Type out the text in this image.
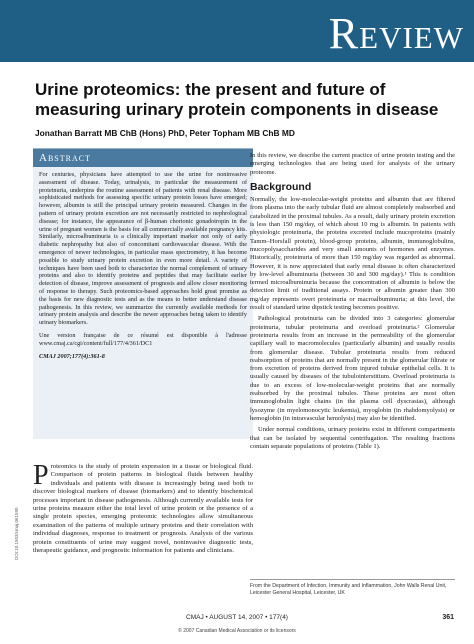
Review
Urine proteomics: the present and future of measuring urinary protein components in disease
Jonathan Barratt MB ChB (Hons) PhD, Peter Topham MB ChB MD
Abstract

For centuries, physicians have attempted to use the urine for noninvasive assessment of disease. Today, urinalysis, in particular the measurement of proteinuria, underpins the routine assessment of patients with renal disease. More sophisticated methods for assessing specific urinary protein losses have emerged; however, albumin is still the principal urinary protein measured. Changes in the pattern of urinary protein excretion are not necessarily restricted to nephrological disease; for instance, the appearance of β-human chorionic gonadotropin in the urine of pregnant women is the basis for all commercially available pregnancy kits. Similarly, microalbuminuria is a clinically important marker not only of early diabetic nephropathy but also of concomitant cardiovascular disease. With the emergence of newer technologies, in particular mass spectrometry, it has become possible to study urinary protein excretion in even more detail. A variety of techniques have been used both to characterize the normal complement of urinary proteins and also to identify proteins and peptides that may facilitate earlier detection of disease, improve assessment of prognosis and allow closer monitoring of response to therapy. Such proteomics-based approaches hold great promise as the basis for new diagnostic tests and as the means to better understand disease pathogenesis. In this review, we summarize the currently available methods for urinary protein analysis and describe the newer approaches being taken to identify urinary biomarkers.

Une version française de ce résumé est disponible à l'adresse www.cmaj.ca/cgi/content/full/177/4/361/DC1

CMAJ 2007;177(4):361-8

Proteomics is the study of protein expression in a tissue or biological fluid. Comparison of protein patterns in biological fluids between healthy individuals and patients with disease is increasingly being used both to discover biological markers of disease (biomarkers) and to identify biochemical processes important in disease pathogenesis. Although currently available tests for urine proteins measure either the total level of urine protein or the presence of a single protein species, emerging proteomic technologies allow simultaneous examination of the patterns of multiple urinary proteins and their correlation with individual diagnoses, response to treatment or prognosis. Analysis of the various protein constituents of urine may suggest novel, noninvasive diagnostic tests, therapeutic guidance, and prognostic information for patients and clinicians.
DOI:10.1503/cmaj.061590

In this review, we describe the current practice of urine protein testing and the emerging technologies that are being used for analysis of the urinary proteome.

Background

Normally, the low-molecular-weight proteins and albumin that are filtered from plasma into the early tubular fluid are almost completely reabsorbed and catabolized in the proximal tubules. As a result, daily urinary protein excretion is less than 150 mg/day, of which about 10 mg is albumin. In patients with physiologic proteinuria, the proteins excreted include mucoproteins (mainly Tamm–Horsfall protein), blood-group proteins, albumin, immunoglobulins, mucopolysaccharides and very small amounts of hormones and enzymes. Historically, proteinuria of more than 150 mg/day was regarded as abnormal. However, it is now appreciated that early renal disease is often characterized by low-level albuminuria (between 30 and 300 mg/day).¹ This is condition termed microalbuminuria because the concentration of albumin is below the detection limit of traditional assays. Protein or albumin greater than 300 mg/day represents overt proteinuria or macroalbuminuria; at this level, the result of standard urine dipstick testing becomes positive.

Pathological proteinuria can be divided into 3 categories: glomerular proteinuria, tubular proteinuria and overload proteinuria.² Glomerular proteinuria results from an increase in the permeability of the glomerular capillary wall to macromolecules (particularly albumin) and usually results from glomerular disease. Tubular proteinuria results from reduced reabsorption of proteins that are normally present in the glomerular filtrate or from excretion of proteins derived from injured tubular epithelial cells. It is usually caused by diseases of the tubulointerstitium. Overload proteinuria is due to an excess of low-molecular-weight proteins that are normally reabsorbed by the proximal tubules. These proteins are most often immunoglobulin light chains (in the plasma cell dyscrasias), although lysozyme (in myelomonocytic leukemia), myoglobin (in rhabdomyolysis) or hemoglobin (in intravascular hemolysis) may also be identified.

Under normal conditions, urinary proteins exist in different compartments that can be isolated by sequential centrifugation. The resulting fractions contain separate populations of proteins (Table 1).

From the Department of Infection, Immunity and Inflammation, John Walls Renal Unit, Leicester General Hospital, Leicester, UK
CMAJ • AUGUST 14, 2007 • 177(4)	361
© 2007 Canadian Medical Association or its licensors
